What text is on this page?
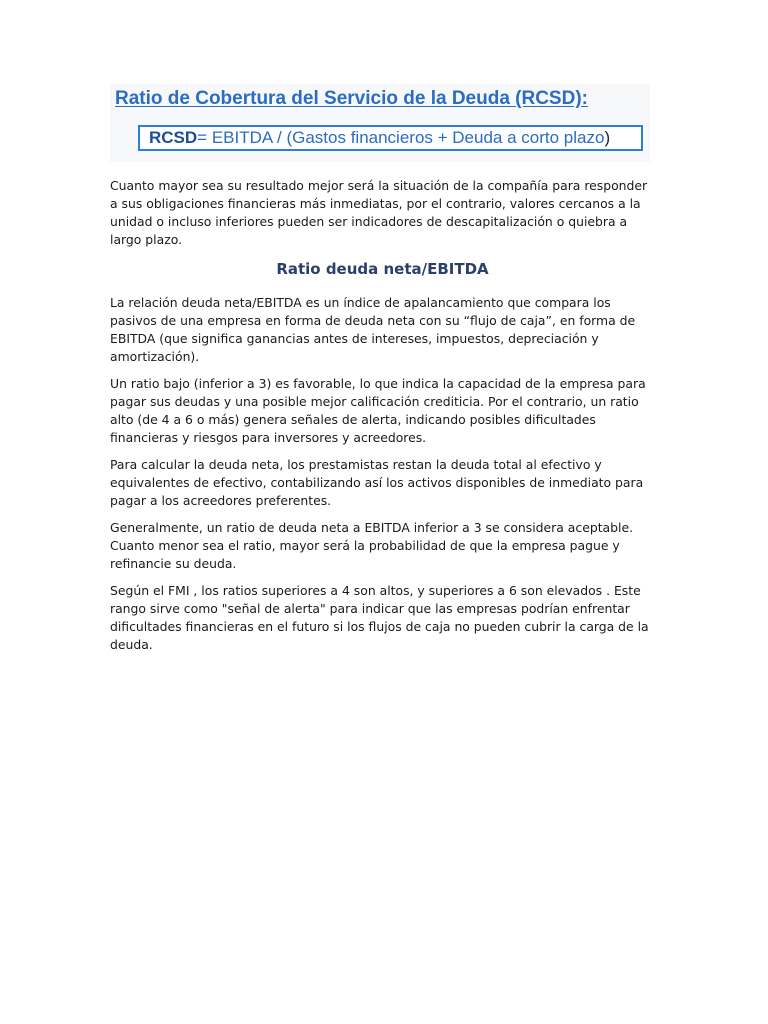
Ratio de Cobertura del Servicio de la Deuda (RCSD):
RCSD= EBITDA / (Gastos financieros + Deuda a corto plazo)

Cuanto mayor sea su resultado mejor será la situación de la compañía para responder a sus obligaciones financieras más inmediatas, por el contrario, valores cercanos a la unidad o incluso inferiores pueden ser indicadores de descapitalización o quiebra a largo plazo.

Ratio deuda neta/EBITDA

La relación deuda neta/EBITDA es un índice de apalancamiento que compara los pasivos de una empresa en forma de deuda neta con su “flujo de caja”, en forma de EBITDA (que significa ganancias antes de intereses, impuestos, depreciación y amortización).

Un ratio bajo (inferior a 3) es favorable, lo que indica la capacidad de la empresa para pagar sus deudas y una posible mejor calificación crediticia. Por el contrario, un ratio alto (de 4 a 6 o más) genera señales de alerta, indicando posibles dificultades financieras y riesgos para inversores y acreedores.

Para calcular la deuda neta, los prestamistas restan la deuda total al efectivo y equivalentes de efectivo, contabilizando así los activos disponibles de inmediato para pagar a los acreedores preferentes.

Generalmente, un ratio de deuda neta a EBITDA inferior a 3 se considera aceptable. Cuanto menor sea el ratio, mayor será la probabilidad de que la empresa pague y refinancie su deuda.

Según el FMI , los ratios superiores a 4 son altos, y superiores a 6 son elevados . Este rango sirve como "señal de alerta" para indicar que las empresas podrían enfrentar dificultades financieras en el futuro si los flujos de caja no pueden cubrir la carga de la deuda.
